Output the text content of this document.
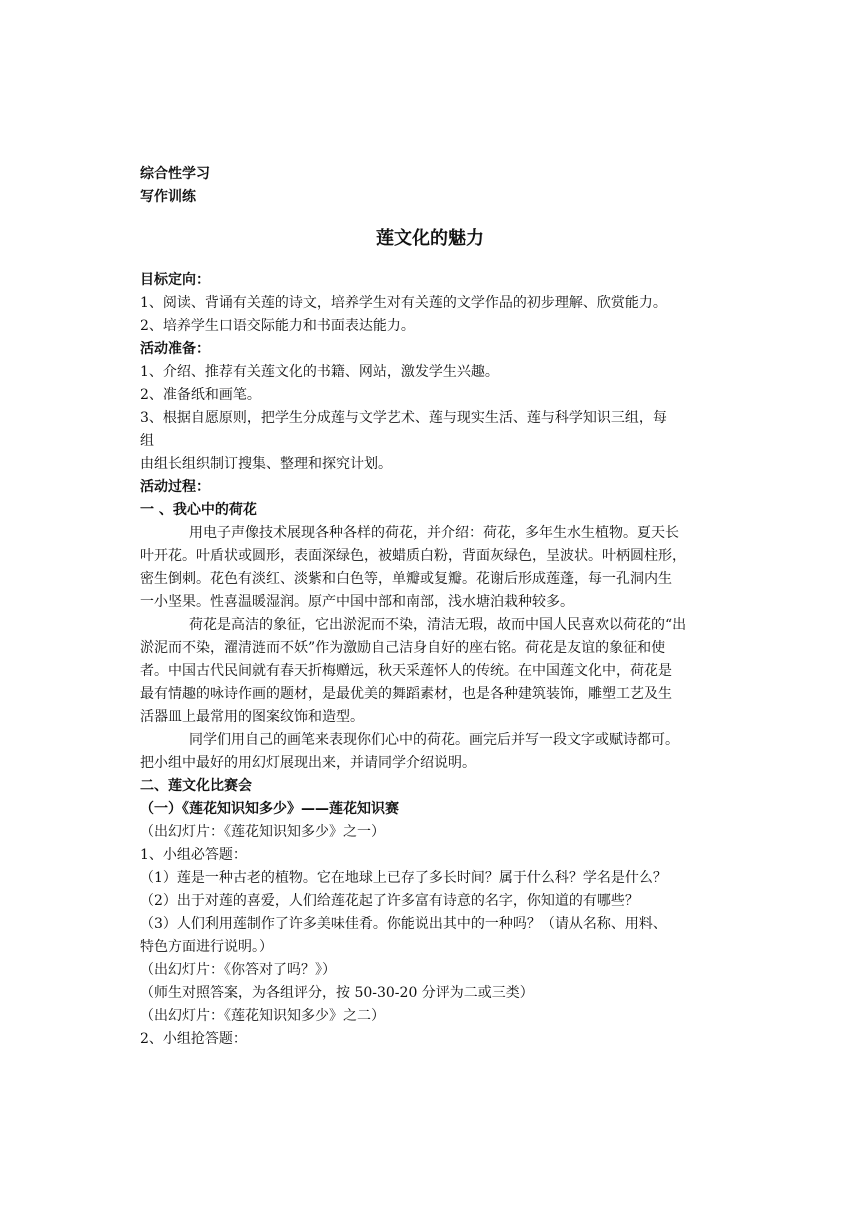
综合性学习
写作训练
莲文化的魅力
目标定向：
1、阅读、背诵有关莲的诗文，培养学生对有关莲的文学作品的初步理解、欣赏能力。
2、培养学生口语交际能力和书面表达能力。
活动准备：
1、介绍、推荐有关莲文化的书籍、网站，激发学生兴趣。
2、准备纸和画笔。
3、根据自愿原则，把学生分成莲与文学艺术、莲与现实生活、莲与科学知识三组，每
组
由组长组织制订搜集、整理和探究计划。
活动过程：
一 、我心中的荷花
用电子声像技术展现各种各样的荷花，并介绍：荷花，多年生水生植物。夏天长
叶开花。叶盾状或圆形，表面深绿色，被蜡质白粉，背面灰绿色，呈波状。叶柄圆柱形，
密生倒刺。花色有淡红、淡紫和白色等，单瓣或复瓣。花谢后形成莲蓬，每一孔洞内生
一小坚果。性喜温暖湿润。原产中国中部和南部，浅水塘泊栽种较多。
荷花是高洁的象征，它出淤泥而不染，清洁无瑕，故而中国人民喜欢以荷花的“出
淤泥而不染，濯清涟而不妖”作为激励自己洁身自好的座右铭。荷花是友谊的象征和使
者。中国古代民间就有春天折梅赠远，秋天采莲怀人的传统。在中国莲文化中，荷花是
最有情趣的咏诗作画的题材，是最优美的舞蹈素材，也是各种建筑装饰，雕塑工艺及生
活器皿上最常用的图案纹饰和造型。
同学们用自己的画笔来表现你们心中的荷花。画完后并写一段文字或赋诗都可。
把小组中最好的用幻灯展现出来，并请同学介绍说明。
二、莲文化比赛会
（一）《莲花知识知多少》——莲花知识赛
（出幻灯片：《莲花知识知多少》之一）
1、小组必答题：
（1）莲是一种古老的植物。它在地球上已存了多长时间？属于什么科？学名是什么？
（2）出于对莲的喜爱，人们给莲花起了许多富有诗意的名字，你知道的有哪些？
（3）人们利用莲制作了许多美味佳肴。你能说出其中的一种吗？（请从名称、用料、
特色方面进行说明。）
（出幻灯片：《你答对了吗？》）
（师生对照答案，为各组评分，按 50-30-20 分评为二或三类）
（出幻灯片：《莲花知识知多少》之二）
2、小组抢答题：
